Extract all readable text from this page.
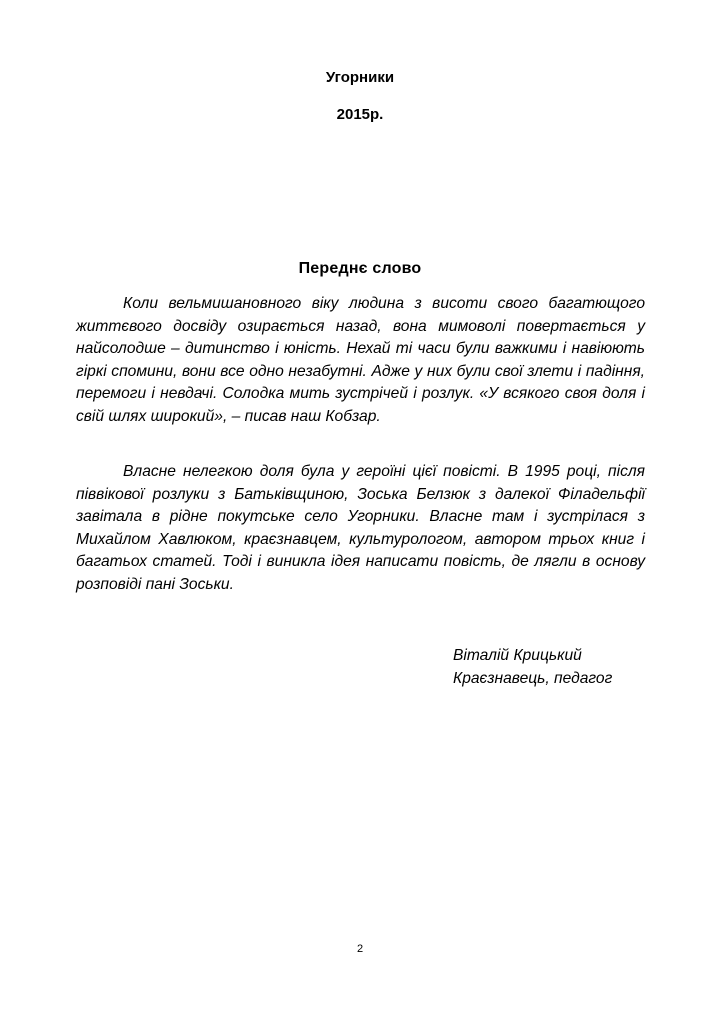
Угорники
2015р.
Переднє слово

Коли вельмишановного віку людина з висоти свого багатющого життєвого досвіду озирається назад, вона мимоволі повертається у найсолодше – дитинство і юність. Нехай ті часи були важкими і навіюють гіркі спомини, вони все одно незабутні. Адже у них були свої злети і падіння, перемоги і невдачі. Солодка мить зустрічей і розлук. «У всякого своя доля і свій шлях широкий», – писав наш Кобзар.

Власне нелегкою доля була у героїні цієї повісті. В 1995 році, після піввікової розлуки з Батьківщиною, Зоська Белзюк з далекої Філадельфії завітала в рідне покутське село Угорники. Власне там і зустрілася з Михайлом Хавлюком, краєзнавцем, культурологом, автором трьох книг і багатьох статей. Тоді і виникла ідея написати повість, де лягли в основу розповіді пані Зоськи.

Віталій Крицький
Краєзнавець, педагог
2
